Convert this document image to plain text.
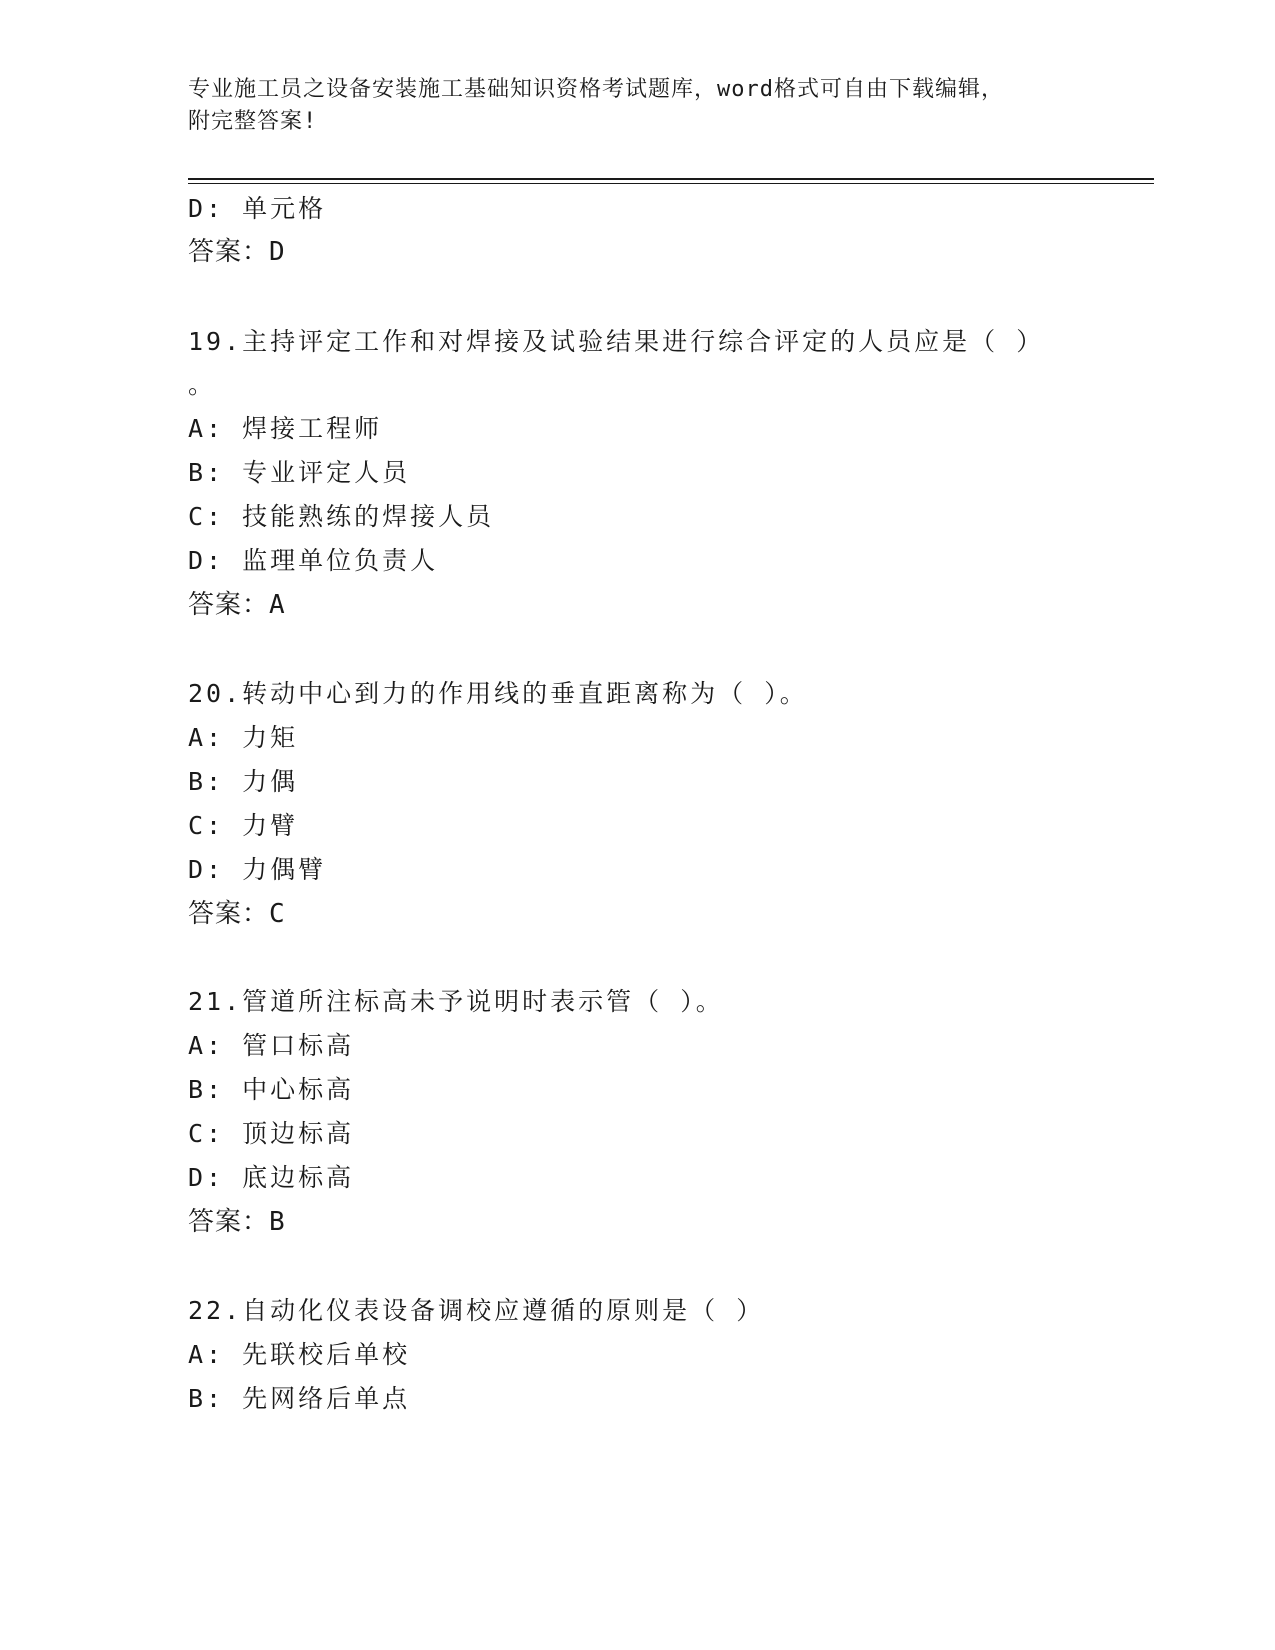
专业施工员之设备安装施工基础知识资格考试题库，word格式可自由下载编辑，
附完整答案!
D: 单元格
答案：D
19.主持评定工作和对焊接及试验结果进行综合评定的人员应是（ ）
。
A: 焊接工程师
B: 专业评定人员
C: 技能熟练的焊接人员
D: 监理单位负责人
答案：A
20.转动中心到力的作用线的垂直距离称为（ ）。
A: 力矩
B: 力偶
C: 力臂
D: 力偶臂
答案：C
21.管道所注标高未予说明时表示管（ ）。
A: 管口标高
B: 中心标高
C: 顶边标高
D: 底边标高
答案：B
22.自动化仪表设备调校应遵循的原则是（ ）
A: 先联校后单校
B: 先网络后单点
